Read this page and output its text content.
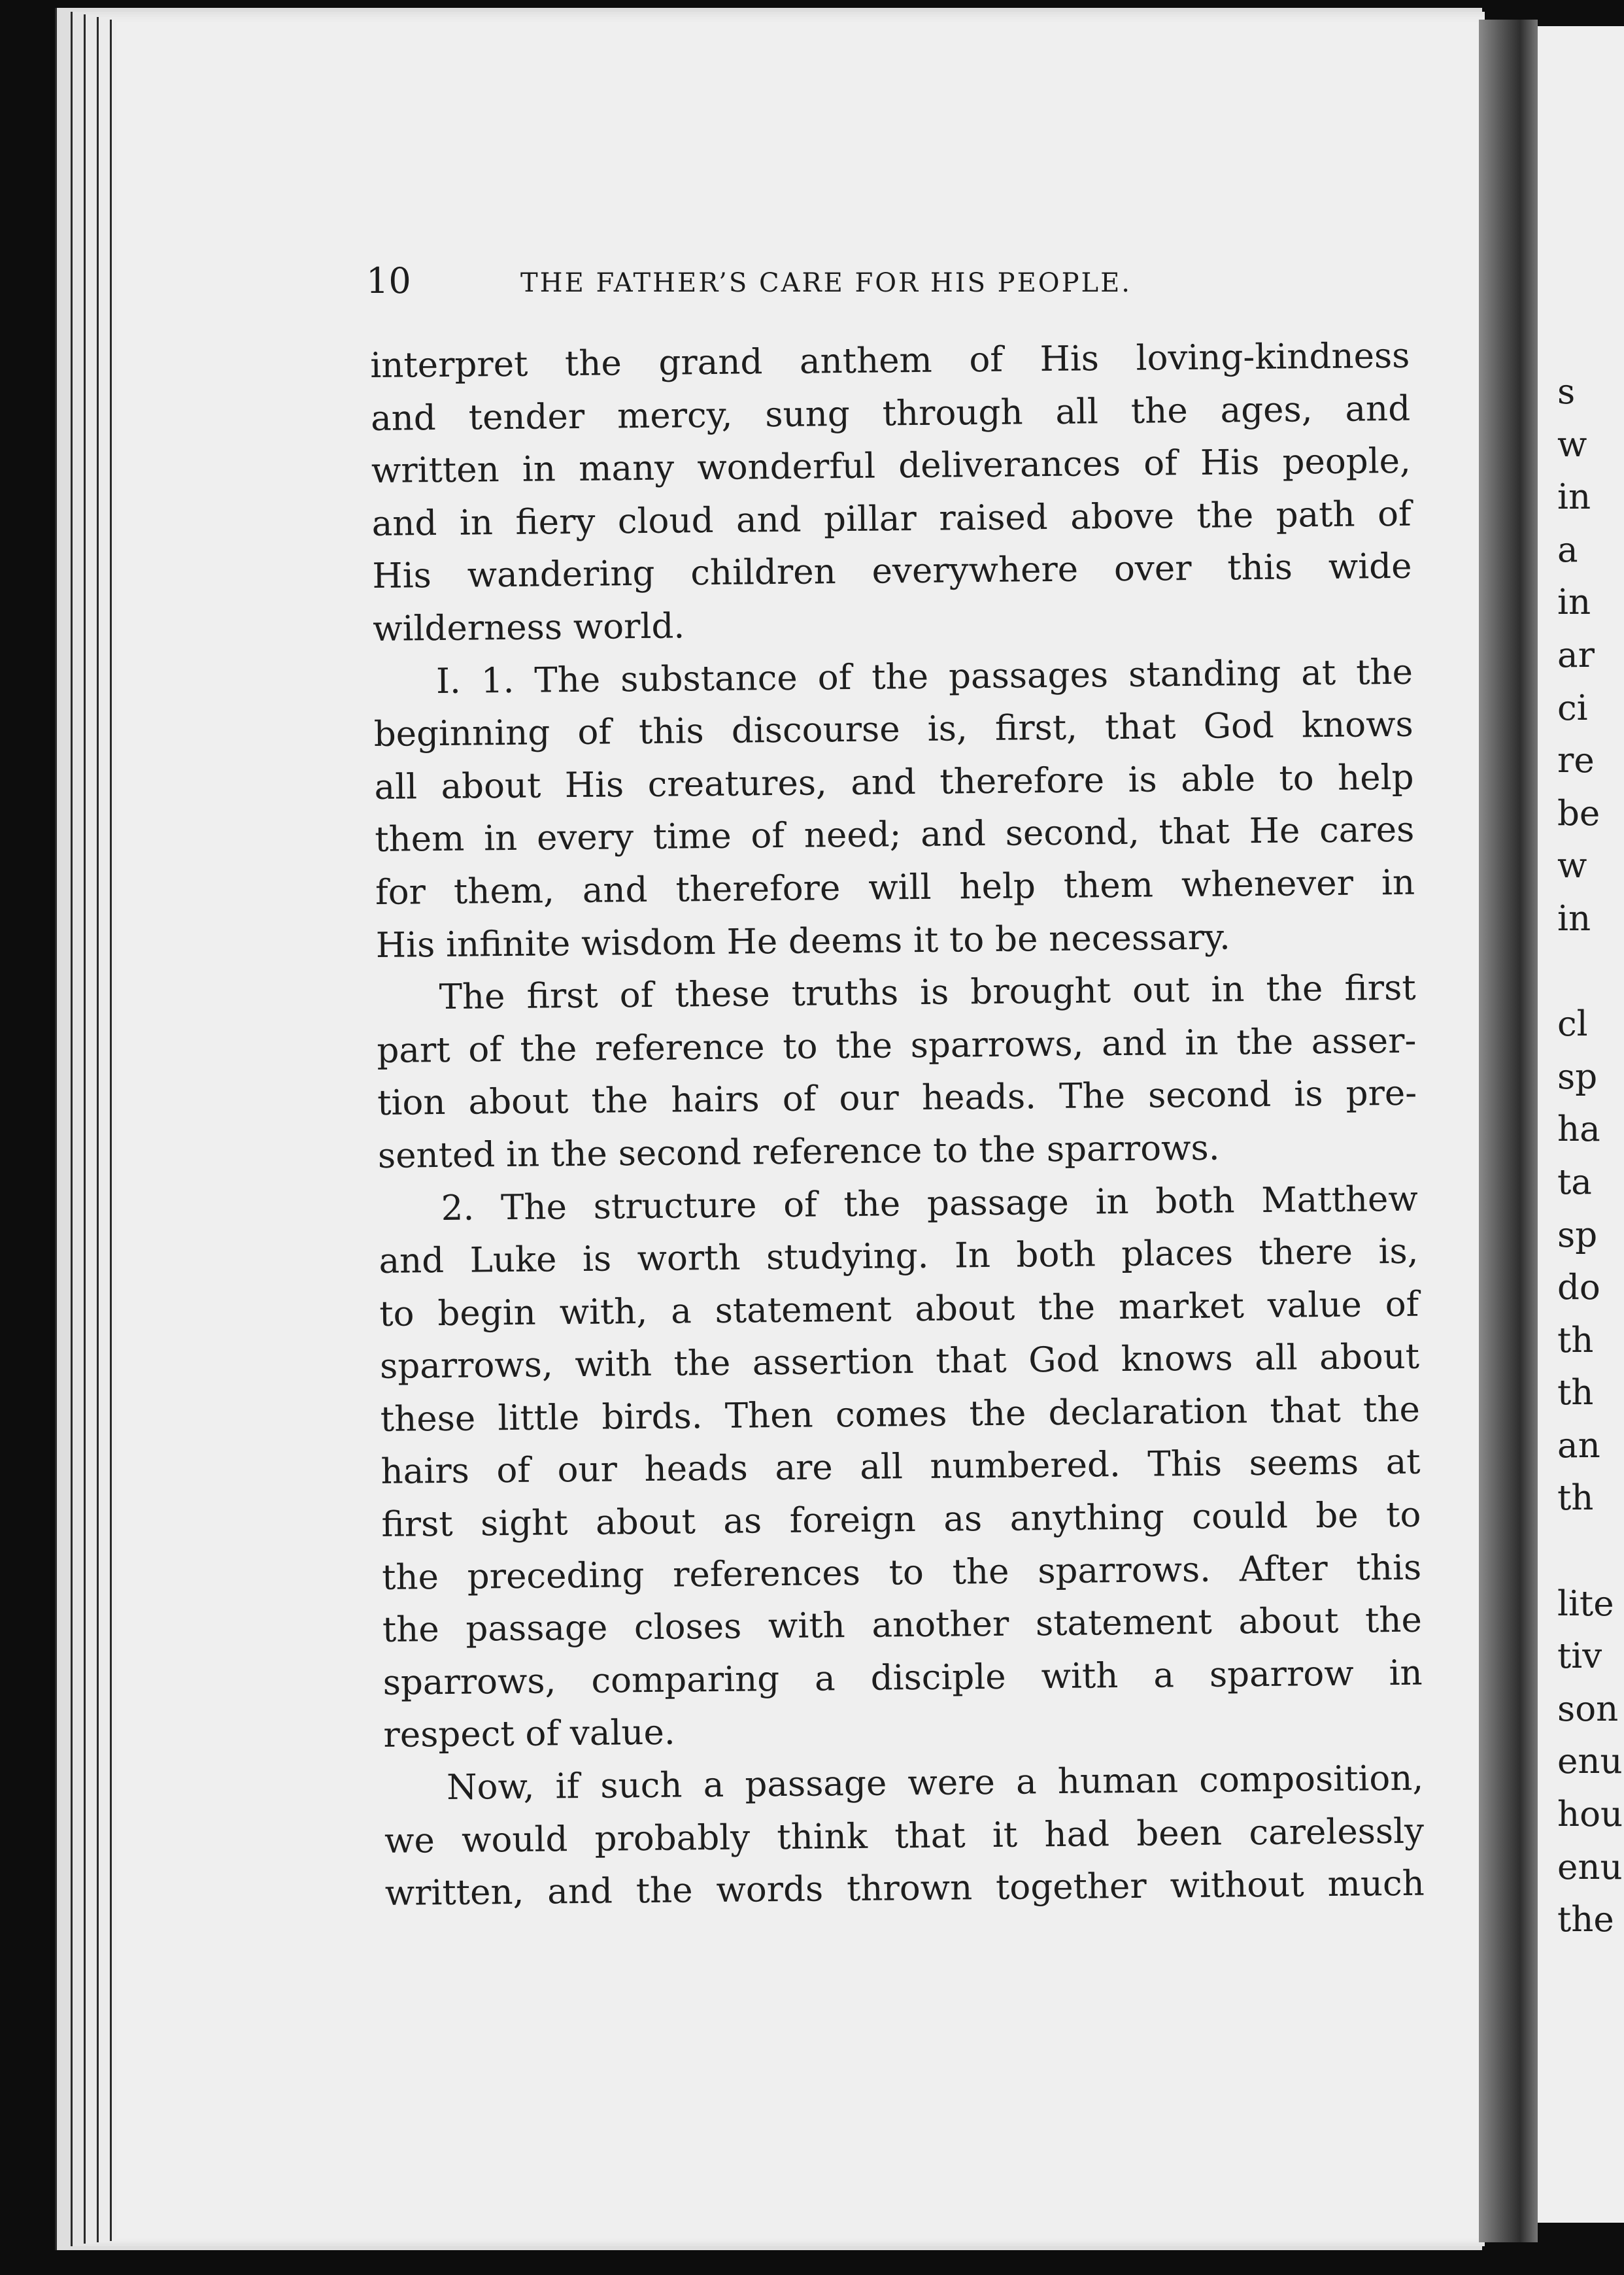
10	THE FATHER’S CARE FOR HIS PEOPLE.
interpret the grand anthem of His loving-kindness
and tender mercy, sung through all the ages, and
written in many wonderful deliverances of His people,
and in fiery cloud and pillar raised above the path of
His wandering children everywhere over this wide
wilderness world.
I. 1. The substance of the passages standing at the
beginning of this discourse is, first, that God knows
all about His creatures, and therefore is able to help
them in every time of need; and second, that He cares
for them, and therefore will help them whenever in
His infinite wisdom He deems it to be necessary.
The first of these truths is brought out in the first
part of the reference to the sparrows, and in the asser-
tion about the hairs of our heads. The second is pre-
sented in the second reference to the sparrows.
2. The structure of the passage in both Matthew
and Luke is worth studying. In both places there is,
to begin with, a statement about the market value of
sparrows, with the assertion that God knows all about
these little birds. Then comes the declaration that the
hairs of our heads are all numbered. This seems at
first sight about as foreign as anything could be to
the preceding references to the sparrows. After this
the passage closes with another statement about the
sparrows, comparing a disciple with a sparrow in
respect of value.
Now, if such a passage were a human composition,
we would probably think that it had been carelessly
written, and the words thrown together without much
s
w
in
a
in
ar
ci
re
be
w
in
cl
sp
ha
ta
sp
do
th
th
an
th
lite
tiv
son
enu
hou
enu
the
